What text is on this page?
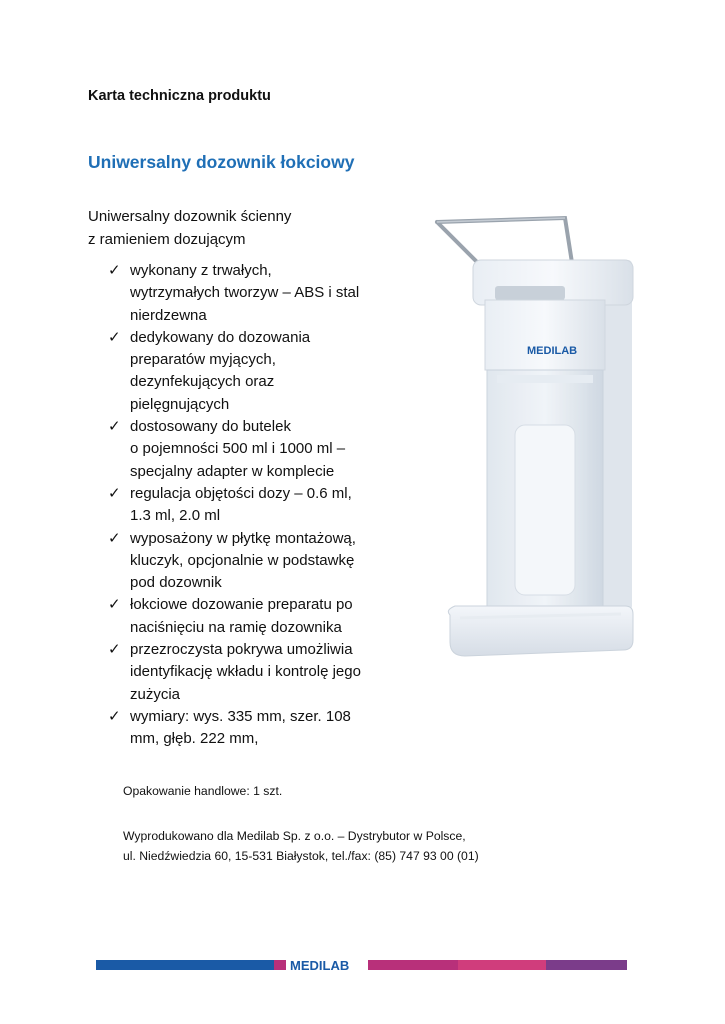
Karta techniczna produktu
Uniwersalny dozownik łokciowy
Uniwersalny dozownik ścienny
z ramieniem dozującym
✓ wykonany z trwałych,
wytrzymałych tworzyw – ABS i stal
nierdzewna
✓ dedykowany do dozowania
preparatów myjących,
dezynfekujących oraz
pielęgnujących
✓ dostosowany do butelek
o pojemności 500 ml i 1000 ml –
specjalny adapter w komplecie
✓ regulacja objętości dozy – 0.6 ml,
1.3 ml, 2.0 ml
✓ wyposażony w płytkę montażową,
kluczyk, opcjonalnie w podstawkę
pod dozownik
✓ łokciowe dozowanie preparatu po
naciśnięciu na ramię dozownika
✓ przezroczysta pokrywa umożliwia
identyfikację wkładu i kontrolę jego
zużycia
✓ wymiary: wys. 335 mm, szer. 108
mm, głęb. 222 mm,
Opakowanie handlowe: 1 szt.
Wyprodukowano dla Medilab Sp. z o.o. – Dystrybutor w Polsce,
ul. Niedźwiedzia 60, 15-531 Białystok, tel./fax: (85) 747 93 00 (01)
MEDILAB
MEDILAB
